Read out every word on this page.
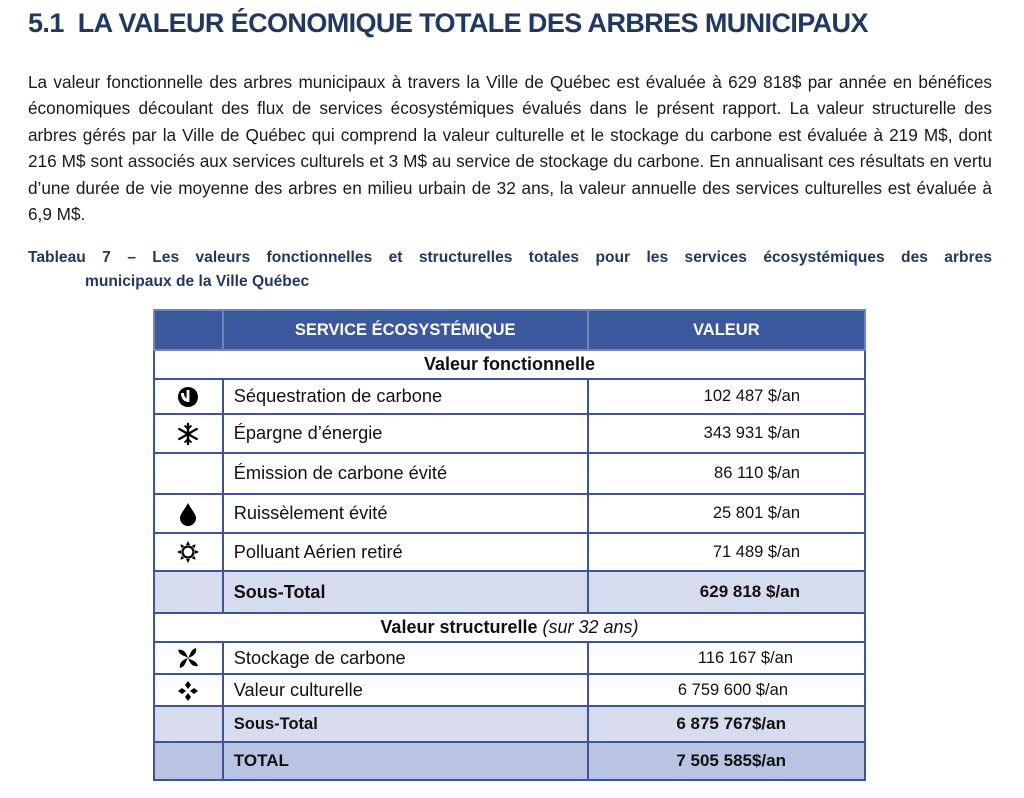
5.1 LA VALEUR ÉCONOMIQUE TOTALE DES ARBRES MUNICIPAUX

La valeur fonctionnelle des arbres municipaux à travers la Ville de Québec est évaluée à 629 818$ par année en bénéfices économiques découlant des flux de services écosystémiques évalués dans le présent rapport. La valeur structurelle des arbres gérés par la Ville de Québec qui comprend la valeur culturelle et le stockage du carbone est évaluée à 219 M$, dont 216 M$ sont associés aux services culturels et 3 M$ au service de stockage du carbone. En annualisant ces résultats en vertu d’une durée de vie moyenne des arbres en milieu urbain de 32 ans, la valeur annuelle des services culturelles est évaluée à 6,9 M$.

Tableau 7 – Les valeurs fonctionnelles et structurelles totales pour les services écosystémiques des arbres
municipaux de la Ville Québec
	SERVICE ÉCOSYSTÉMIQUE	VALEUR
Valeur fonctionnelle		
	Séquestration de carbone	102 487 $/an
	Épargne d’énergie	343 931 $/an
	Émission de carbone évité	86 110 $/an
	Ruissèlement évité	25 801 $/an
	Polluant Aérien retiré	71 489 $/an
	Sous-Total	629 818 $/an
Valeur structurelle (sur 32 ans)		
	Stockage de carbone	116 167 $/an
	Valeur culturelle	6 759 600 $/an
	Sous-Total	6 875 767$/an
	TOTAL	7 505 585$/an
